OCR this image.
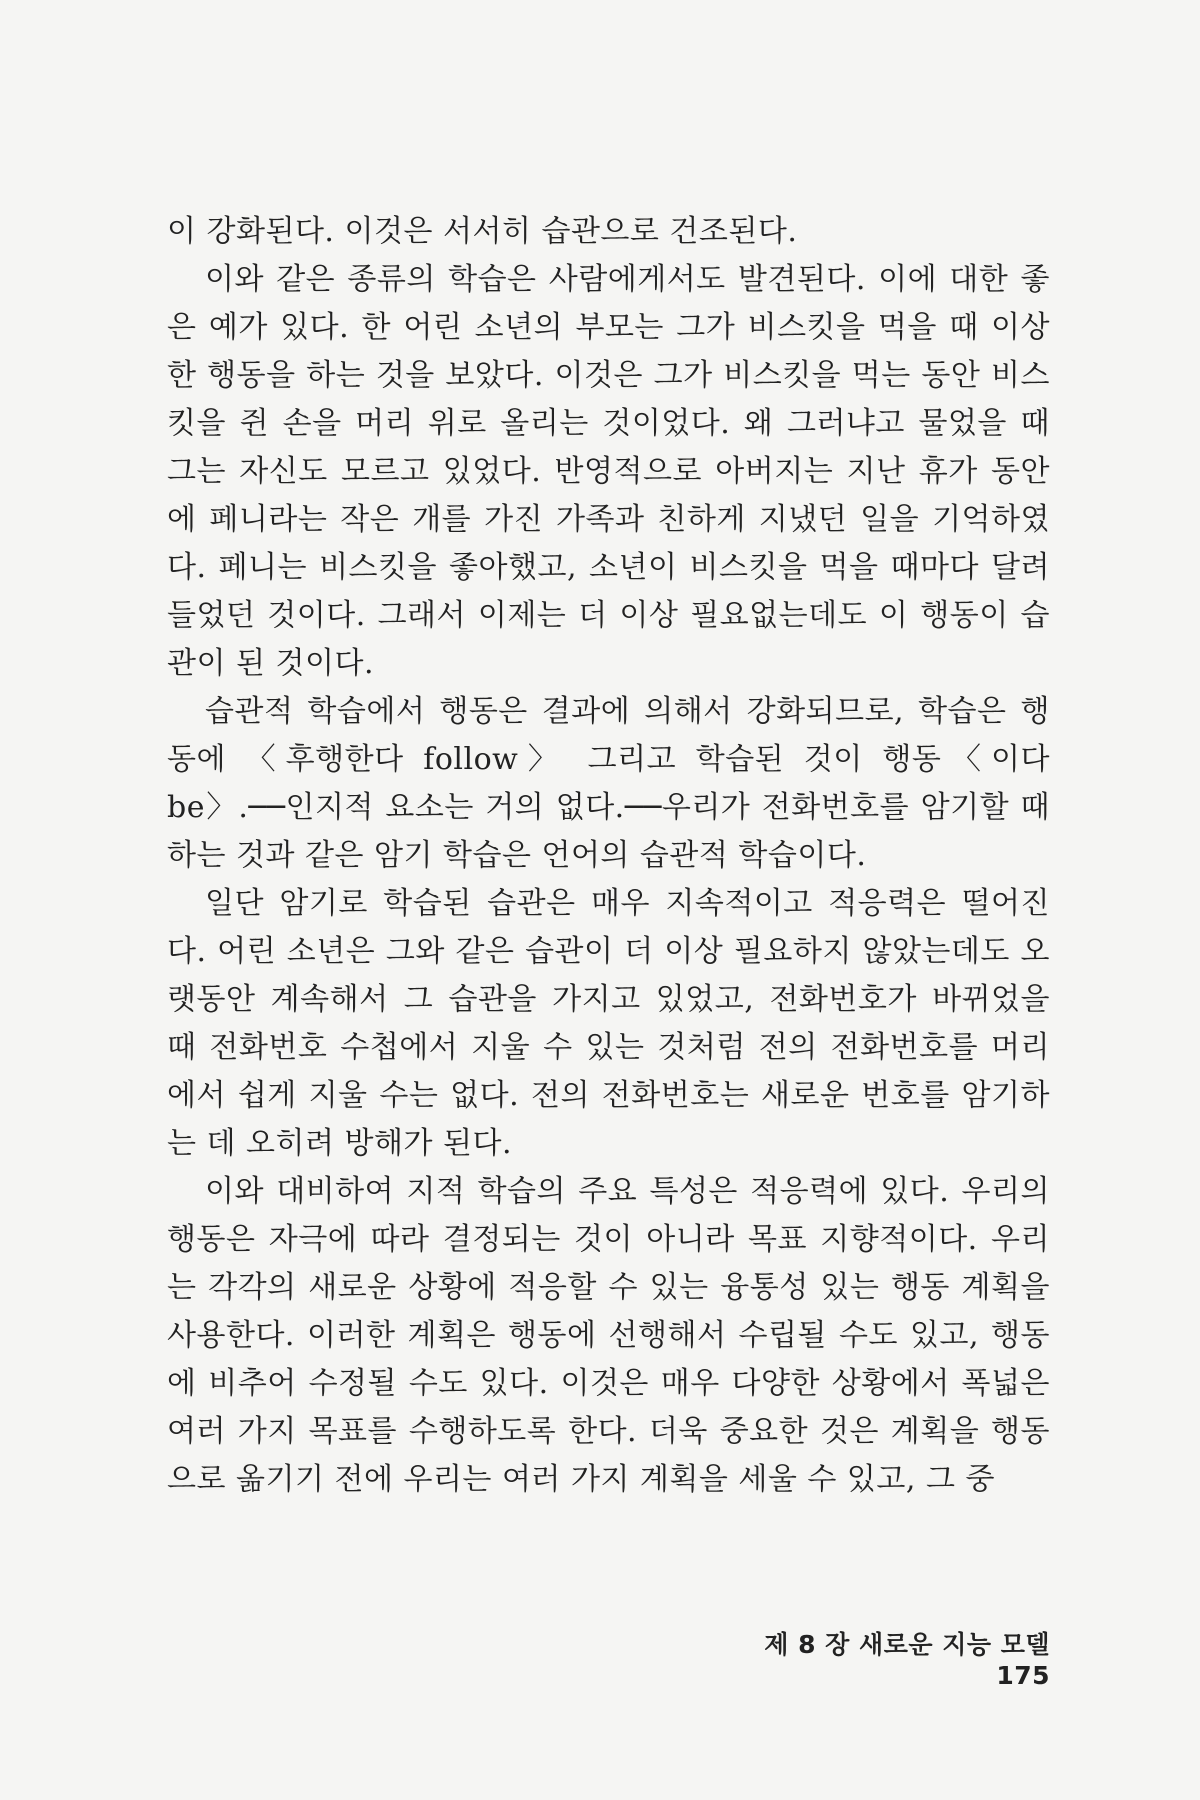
이 강화된다. 이것은 서서히 습관으로 건조된다.

이와 같은 종류의 학습은 사람에게서도 발견된다. 이에 대한 좋은 예가 있다. 한 어린 소년의 부모는 그가 비스킷을 먹을 때 이상한 행동을 하는 것을 보았다. 이것은 그가 비스킷을 먹는 동안 비스킷을 쥔 손을 머리 위로 올리는 것이었다. 왜 그러냐고 물었을 때 그는 자신도 모르고 있었다. 반영적으로 아버지는 지난 휴가 동안에 페니라는 작은 개를 가진 가족과 친하게 지냈던 일을 기억하였다. 페니는 비스킷을 좋아했고, 소년이 비스킷을 먹을 때마다 달려 들었던 것이다. 그래서 이제는 더 이상 필요없는데도 이 행동이 습관이 된 것이다.

습관적 학습에서 행동은 결과에 의해서 강화되므로, 학습은 행동에 〈후행한다 follow〉 그리고 학습된 것이 행동〈이다 be〉.──인지적 요소는 거의 없다.──우리가 전화번호를 암기할 때 하는 것과 같은 암기 학습은 언어의 습관적 학습이다.

일단 암기로 학습된 습관은 매우 지속적이고 적응력은 떨어진다. 어린 소년은 그와 같은 습관이 더 이상 필요하지 않았는데도 오랫동안 계속해서 그 습관을 가지고 있었고, 전화번호가 바뀌었을 때 전화번호 수첩에서 지울 수 있는 것처럼 전의 전화번호를 머리에서 쉽게 지울 수는 없다. 전의 전화번호는 새로운 번호를 암기하는 데 오히려 방해가 된다.

이와 대비하여 지적 학습의 주요 특성은 적응력에 있다. 우리의 행동은 자극에 따라 결정되는 것이 아니라 목표 지향적이다. 우리는 각각의 새로운 상황에 적응할 수 있는 융통성 있는 행동 계획을 사용한다. 이러한 계획은 행동에 선행해서 수립될 수도 있고, 행동에 비추어 수정될 수도 있다. 이것은 매우 다양한 상황에서 폭넓은 여러 가지 목표를 수행하도록 한다. 더욱 중요한 것은 계획을 행동으로 옮기기 전에 우리는 여러 가지 계획을 세울 수 있고, 그 중

제 8 장 새로운 지능 모델175
